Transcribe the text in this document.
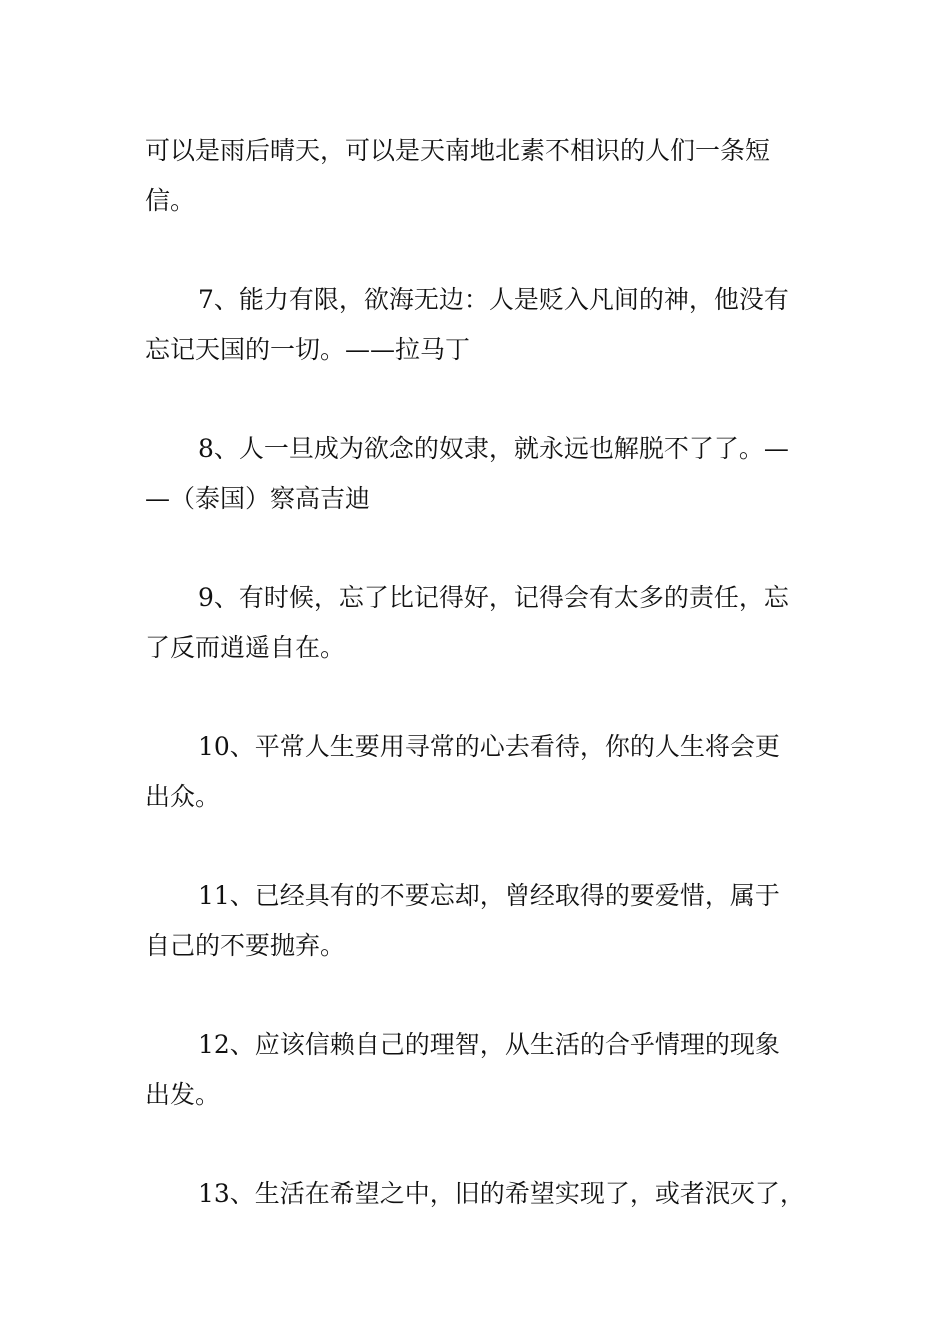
可以是雨后晴天，可以是天南地北素不相识的人们一条短
信。
7、能力有限，欲海无边：人是贬入凡间的神，他没有
忘记天国的一切。——拉马丁
8、人一旦成为欲念的奴隶，就永远也解脱不了了。—
—（泰国）察高吉迪
9、有时候，忘了比记得好，记得会有太多的责任，忘
了反而逍遥自在。
10、平常人生要用寻常的心去看待，你的人生将会更
出众。
11、已经具有的不要忘却，曾经取得的要爱惜，属于
自己的不要抛弃。
12、应该信赖自己的理智，从生活的合乎情理的现象
出发。
13、生活在希望之中，旧的希望实现了，或者泯灭了，
